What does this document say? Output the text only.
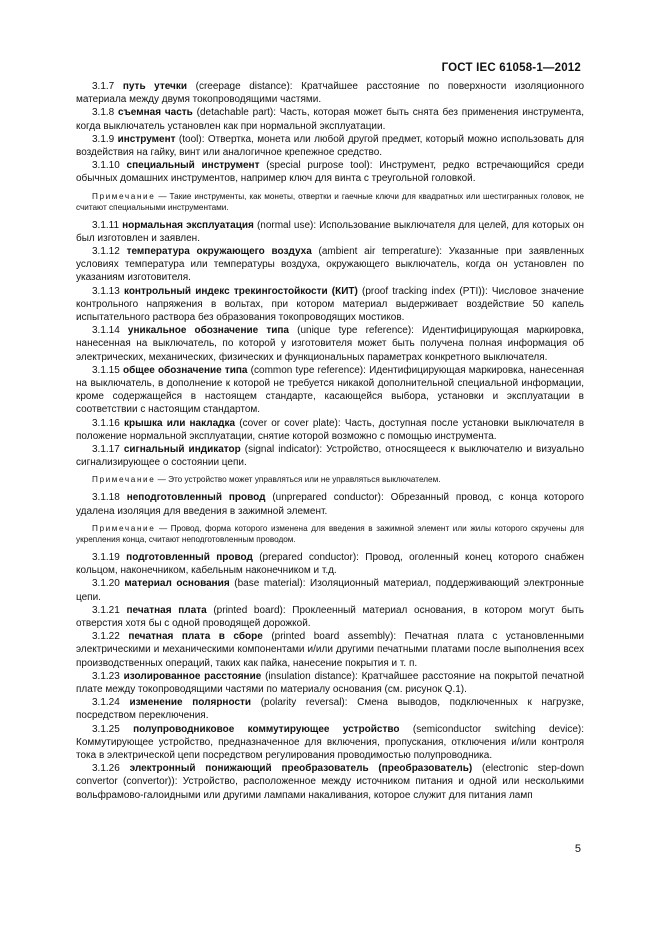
ГОСТ IEC 61058-1—2012

3.1.7 путь утечки (creepage distance): Кратчайшее расстояние по поверхности изоляционного материала между двумя токопроводящими частями.

3.1.8 съемная часть (detachable part): Часть, которая может быть снята без применения инструмента, когда выключатель установлен как при нормальной эксплуатации.

3.1.9 инструмент (tool): Отвертка, монета или любой другой предмет, который можно использовать для воздействия на гайку, винт или аналогичное крепежное средство.

3.1.10 специальный инструмент (special purpose tool): Инструмент, редко встречающийся среди обычных домашних инструментов, например ключ для винта с треугольной головкой.

Примечание — Такие инструменты, как монеты, отвертки и гаечные ключи для квадратных или шестигранных головок, не считают специальными инструментами.

3.1.11 нормальная эксплуатация (normal use): Использование выключателя для целей, для которых он был изготовлен и заявлен.

3.1.12 температура окружающего воздуха (ambient air temperature): Указанные при заявленных условиях температура или температуры воздуха, окружающего выключатель, когда он установлен по указаниям изготовителя.

3.1.13 контрольный индекс трекингостойкости (КИТ) (proof tracking index (PTI)): Числовое значение контрольного напряжения в вольтах, при котором материал выдерживает воздействие 50 капель испытательного раствора без образования токопроводящих мостиков.

3.1.14 уникальное обозначение типа (unique type reference): Идентифицирующая маркировка, нанесенная на выключатель, по которой у изготовителя может быть получена полная информация об электрических, механических, физических и функциональных параметрах конкретного выключателя.

3.1.15 общее обозначение типа (common type reference): Идентифицирующая маркировка, нанесенная на выключатель, в дополнение к которой не требуется никакой дополнительной специальной информации, кроме содержащейся в настоящем стандарте, касающейся выбора, установки и эксплуатации в соответствии с настоящим стандартом.

3.1.16 крышка или накладка (cover or cover plate): Часть, доступная после установки выключателя в положение нормальной эксплуатации, снятие которой возможно с помощью инструмента.

3.1.17 сигнальный индикатор (signal indicator): Устройство, относящееся к выключателю и визуально сигнализирующее о состоянии цепи.

Примечание — Это устройство может управляться или не управляться выключателем.

3.1.18 неподготовленный провод (unprepared conductor): Обрезанный провод, с конца которого удалена изоляция для введения в зажимной элемент.

Примечание — Провод, форма которого изменена для введения в зажимной элемент или жилы которого скручены для укрепления конца, считают неподготовленным проводом.

3.1.19 подготовленный провод (prepared conductor): Провод, оголенный конец которого снабжен кольцом, наконечником, кабельным наконечником и т.д.

3.1.20 материал основания (base material): Изоляционный материал, поддерживающий электронные цепи.

3.1.21 печатная плата (printed board): Проклеенный материал основания, в котором могут быть отверстия хотя бы с одной проводящей дорожкой.

3.1.22 печатная плата в сборе (printed board assembly): Печатная плата с установленными электрическими и механическими компонентами и/или другими печатными платами после выполнения всех производственных операций, таких как пайка, нанесение покрытия и т. п.

3.1.23 изолированное расстояние (insulation distance): Кратчайшее расстояние на покрытой печатной плате между токопроводящими частями по материалу основания (см. рисунок Q.1).

3.1.24 изменение полярности (polarity reversal): Смена выводов, подключенных к нагрузке, посредством переключения.

3.1.25 полупроводниковое коммутирующее устройство (semiconductor switching device): Коммутирующее устройство, предназначенное для включения, пропускания, отключения и/или контроля тока в электрической цепи посредством регулирования проводимостью полупроводника.

3.1.26 электронный понижающий преобразователь (преобразователь) (electronic step-down convertor (convertor)): Устройство, расположенное между источником питания и одной или несколькими вольфрамово-галоидными или другими лампами накаливания, которое служит для питания ламп

5
